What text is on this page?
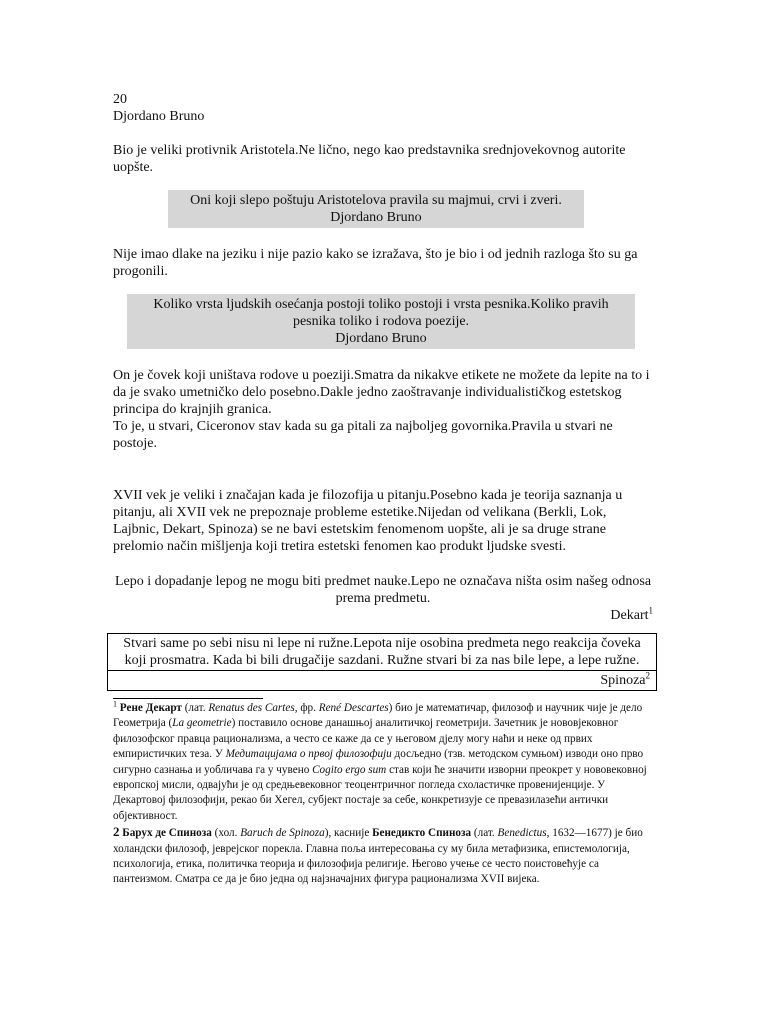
20

Djordano Bruno

Bio je veliki protivnik Aristotela.Ne lično, nego kao predstavnika srednjovekovnog autorite uopšte.

Oni koji slepo poštuju Aristotelova pravila su majmui, crvi i zveri.
Djordano Bruno

Nije imao dlake na jeziku i nije pazio kako se izražava, što je bio i od jednih razloga što su ga progonili.

Koliko vrsta ljudskih osećanja postoji toliko postoji i vrsta pesnika.Koliko pravih pesnika toliko i rodova poezije.
Djordano Bruno

On je čovek koji uništava rodove u poeziji.Smatra da nikakve etikete ne možete da lepite na to i da je svako umetničko delo posebno.Dakle jedno zaoštravanje individualističkog estetskog principa do krajnjih granica.

To je, u stvari, Ciceronov stav kada su ga pitali za najboljeg govornika.Pravila u stvari ne postoje.

XVII vek je veliki i značajan kada je filozofija u pitanju.Posebno kada je teorija saznanja u pitanju, ali XVII vek ne prepoznaje probleme estetike.Nijedan od velikana (Berkli, Lok, Lajbnic, Dekart, Spinoza) se ne bavi estetskim fenomenom uopšte, ali je sa druge strane prelomio način mišljenja koji tretira estetski fenomen kao produkt ljudske svesti.

Lepo i dopadanje lepog ne mogu biti predmet nauke.Lepo ne označava ništa osim našeg odnosa prema predmetu.
Dekart$^1$
Stvari same po sebi nisu ni lepe ni ružne.Lepota nije osobina predmeta nego reakcija čoveka koji prosmatra. Kada bi bili drugačije sazdani. Ružne stvari bi za nas bile lepe, a lepe ružne.
Spinoza$^2$

$^1$ Рене Декарт (лат. Renatus des Cartes, фр. René Descartes) био је математичар, филозоф и научник чије је дело Геометрија (La geometrie) поставило основе данашњој аналитичкој геометрији. Зачетник је нововјековног филозофског правца рационализма, а често се каже да се у његовом дјелу могу наћи и неке од првих емпиристичких теза. У Медитацијама о првој филозофији досљедно (тзв. методском сумњом) изводи оно прво сигурно сазнања и уобличава га у чувено Cogito ergo sum став који ће значити изворни преокрет у нововековној европској мисли, одвајући је од средњевековног теоцентричног погледа схоластичке провенијенције. У Декартовој филозофији, рекао би Хегел, субјект постаје за себе, конкретизује се превазилазећи антички објективност.

2 Барух де Спиноза (хол. Baruch de Spinoza), касније Бенедикто Спиноза (лат. Benedictus, 1632—1677) је био холандски филозоф, јеврејског порекла. Главна поља интересовања су му била метафизика, епистемологија, психологија, етика, политичка теорија и филозофија религије. Његово учење се често поистовећује са пантеизмом. Сматра се да је био једна од најзначајних фигура рационализма XVII вијека.
